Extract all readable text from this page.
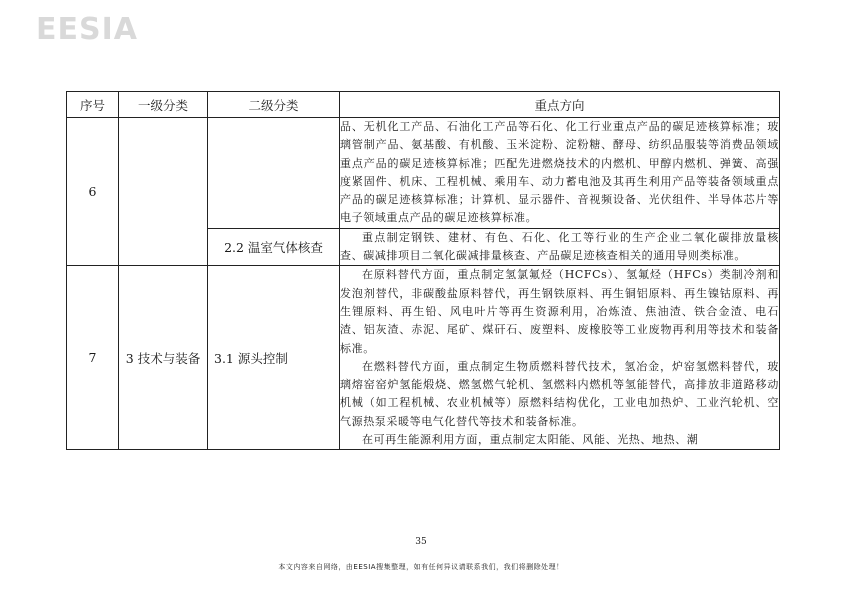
EESIA
序号	一级分类	二级分类	重点方向
6			品、无机化工产品、石油化工产品等石化、化工行业重点产品的碳足迹核算标准；玻璃管制产品、氨基酸、有机酸、玉米淀粉、淀粉糖、酵母、纺织品服装等消费品领域重点产品的碳足迹核算标准；匹配先进燃烧技术的内燃机、甲醇内燃机、弹簧、高强度紧固件、机床、工程机械、乘用车、动力蓄电池及其再生利用产品等装备领域重点产品的碳足迹核算标准；计算机、显示器件、音视频设备、光伏组件、半导体芯片等电子领域重点产品的碳足迹核算标准。

		2.2 温室气体核查	重点制定钢铁、建材、有色、石化、化工等行业的生产企业二氧化碳排放量核查、碳减排项目二氧化碳减排量核查、产品碳足迹核查相关的通用导则类标准。

7	3 技术与装备	3.1 源头控制	在原料替代方面，重点制定氢氯氟烃（HCFCs）、氢氟烃（HFCs）类制冷剂和发泡剂替代，非碳酸盐原料替代，再生钢铁原料、再生铜铝原料、再生镍钴原料、再生锂原料、再生铅、风电叶片等再生资源利用，冶炼渣、焦油渣、铁合金渣、电石渣、铝灰渣、赤泥、尾矿、煤矸石、废塑料、废橡胶等工业废物再利用等技术和装备标准。

在燃料替代方面，重点制定生物质燃料替代技术，氢冶金，炉窑氢燃料替代，玻璃熔窑窑炉氢能煅烧、燃氢燃气轮机、氢燃料内燃机等氢能替代，高排放非道路移动机械（如工程机械、农业机械等）原燃料结构优化，工业电加热炉、工业汽轮机、空气源热泵采暖等电气化替代等技术和装备标准。

在可再生能源利用方面，重点制定太阳能、风能、光热、地热、潮

35
本文内容来自网络，由EESIA搜集整理，如有任何异议请联系我们，我们将删除处理！
